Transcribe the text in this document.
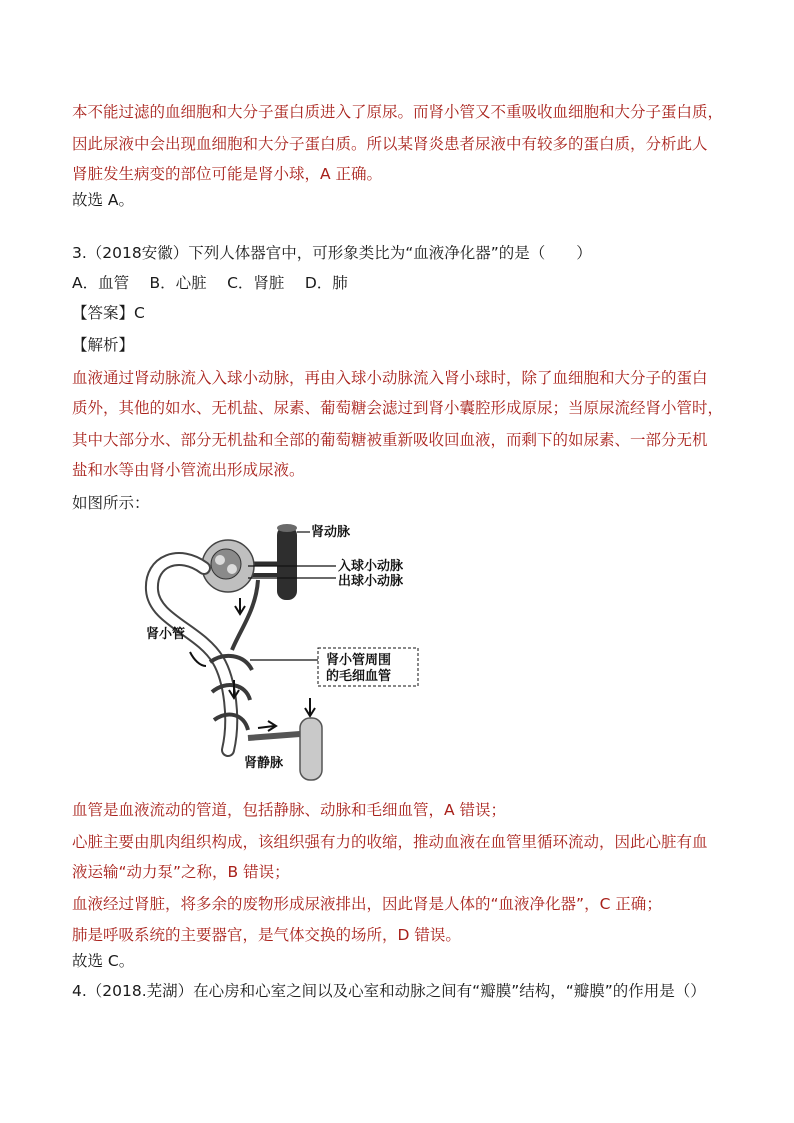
本不能过滤的血细胞和大分子蛋白质进入了原尿。而肾小管又不重吸收血细胞和大分子蛋白质，
因此尿液中会出现血细胞和大分子蛋白质。所以某肾炎患者尿液中有较多的蛋白质，分析此人
肾脏发生病变的部位可能是肾小球，A 正确。
故选 A。
3.（2018安徽）下列人体器官中，可形象类比为“血液净化器”的是（　　）
A．血管　 B．心脏　 C．肾脏　 D．肺
【答案】C
【解析】
血液通过肾动脉流入入球小动脉，再由入球小动脉流入肾小球时，除了血细胞和大分子的蛋白
质外，其他的如水、无机盐、尿素、葡萄糖会滤过到肾小囊腔形成原尿；当原尿流经肾小管时，
其中大部分水、部分无机盐和全部的葡萄糖被重新吸收回血液，而剩下的如尿素、一部分无机
盐和水等由肾小管流出形成尿液。
如图所示：
肾动脉
入球小动脉
出球小动脉
肾小管
肾小管周围
的毛细血管
肾静脉
血管是血液流动的管道，包括静脉、动脉和毛细血管，A 错误；
心脏主要由肌肉组织构成，该组织强有力的收缩，推动血液在血管里循环流动，因此心脏有血
液运输“动力泵”之称，B 错误；
血液经过肾脏，将多余的废物形成尿液排出，因此肾是人体的“血液净化器”，C 正确；
肺是呼吸系统的主要器官，是气体交换的场所，D 错误。
故选 C。
4.（2018.芜湖）在心房和心室之间以及心室和动脉之间有“瓣膜”结构，“瓣膜”的作用是（）
